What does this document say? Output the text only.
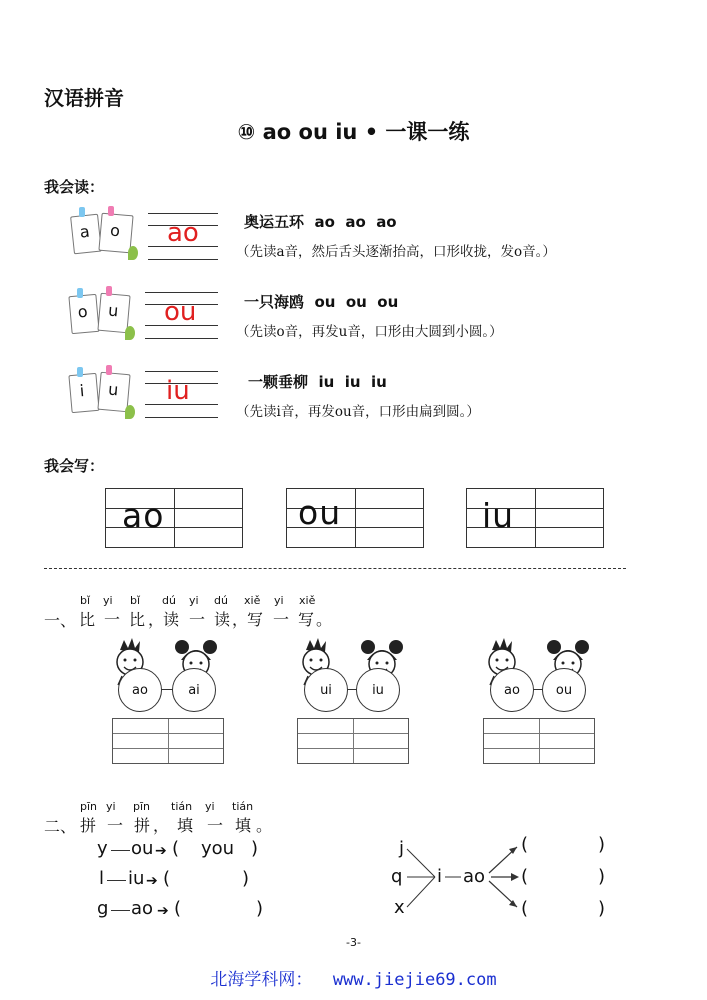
汉语拼音
⑩ ao ou iu • 一课一练
我会读：
a o ao	奥运五环  ao  ao  ao
（先读a音，然后舌头逐渐抬高，口形收拢，发o音。）
o u ou	一只海鸥  ou  ou  ou
（先读o音，再发u音，口形由大圆到小圆。）
i u iu	一颗垂柳  iu  iu  iu
（先读i音，再发ou音，口形由扁到圆。）
我会写：
ao	ou	iu
一、
bǐ yi bǐ dú yi dú xiě yi xiě
比 一 比 ，
读 一 读 ，
写 一 写 。
ao	ai	ui	iu	ao	ou
二、
pīn yi pīn tián yi tián
拼 一 拼 ， 填 一 填 。
y ou ➔ ( you )
l iu ➔ (	)
g ao ➔ (	)
j
q
x
i ao
(	)
(	)
(	)
-3-
北海学科网：  www.jiejie69.com
